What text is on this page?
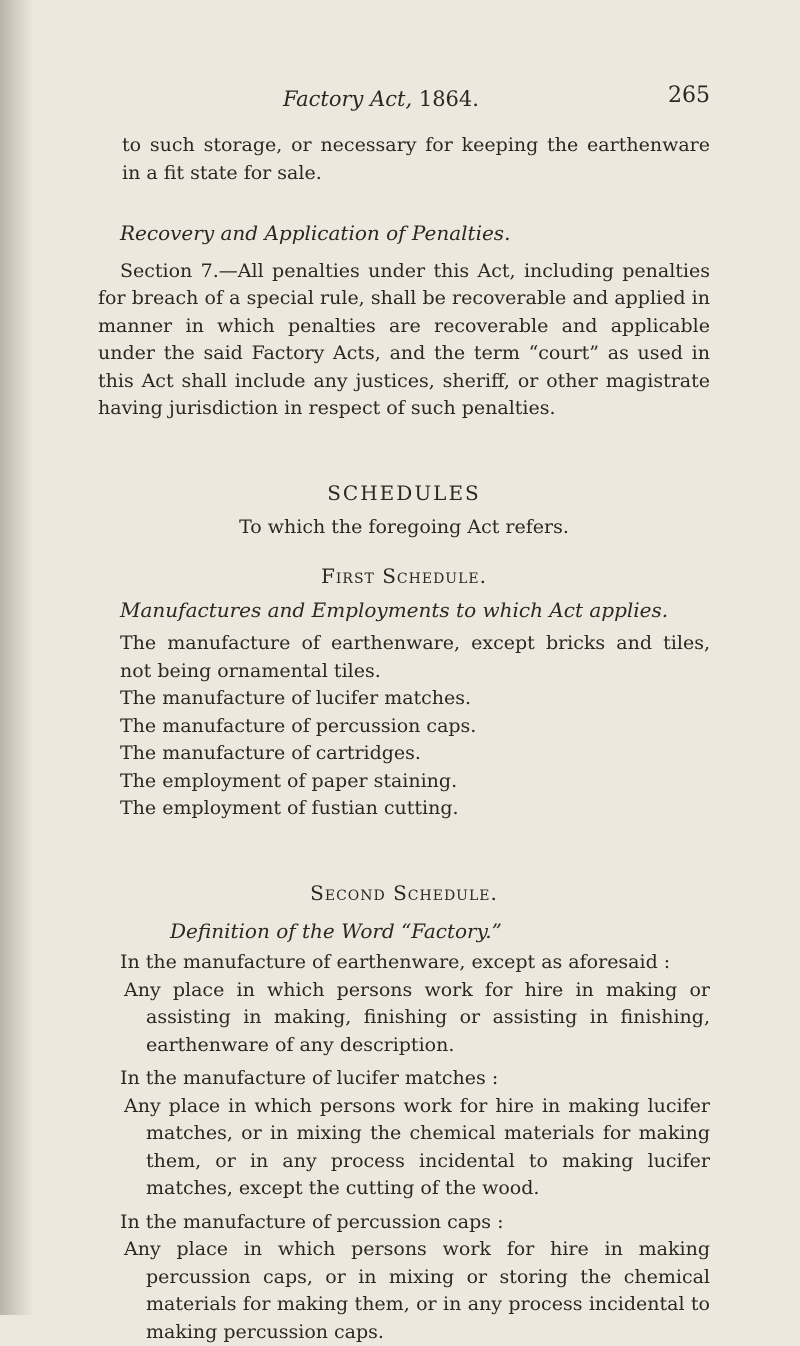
Factory Act, 1864.	265

to such storage, or necessary for keeping the earthenware in a fit state for sale.

Recovery and Application of Penalties.

Section 7.—All penalties under this Act, including penalties for breach of a special rule, shall be recoverable and applied in manner in which penalties are recoverable and applicable under the said Factory Acts, and the term “court” as used in this Act shall include any justices, sheriff, or other magistrate having jurisdiction in respect of such penalties.

SCHEDULES

To which the foregoing Act refers.

First Schedule.

Manufactures and Employments to which Act applies.

The manufacture of earthenware, except bricks and tiles, not being ornamental tiles.

The manufacture of lucifer matches.

The manufacture of percussion caps.

The manufacture of cartridges.

The employment of paper staining.

The employment of fustian cutting.

Second Schedule.

Definition of the Word “Factory.”

In the manufacture of earthenware, except as aforesaid :

Any place in which persons work for hire in making or assisting in making, finishing or assisting in finishing, earthenware of any description.

In the manufacture of lucifer matches :

Any place in which persons work for hire in making lucifer matches, or in mixing the chemical materials for making them, or in any process incidental to making lucifer matches, except the cutting of the wood.

In the manufacture of percussion caps :

Any place in which persons work for hire in making percussion caps, or in mixing or storing the chemical materials for making them, or in any process incidental to making percussion caps.
